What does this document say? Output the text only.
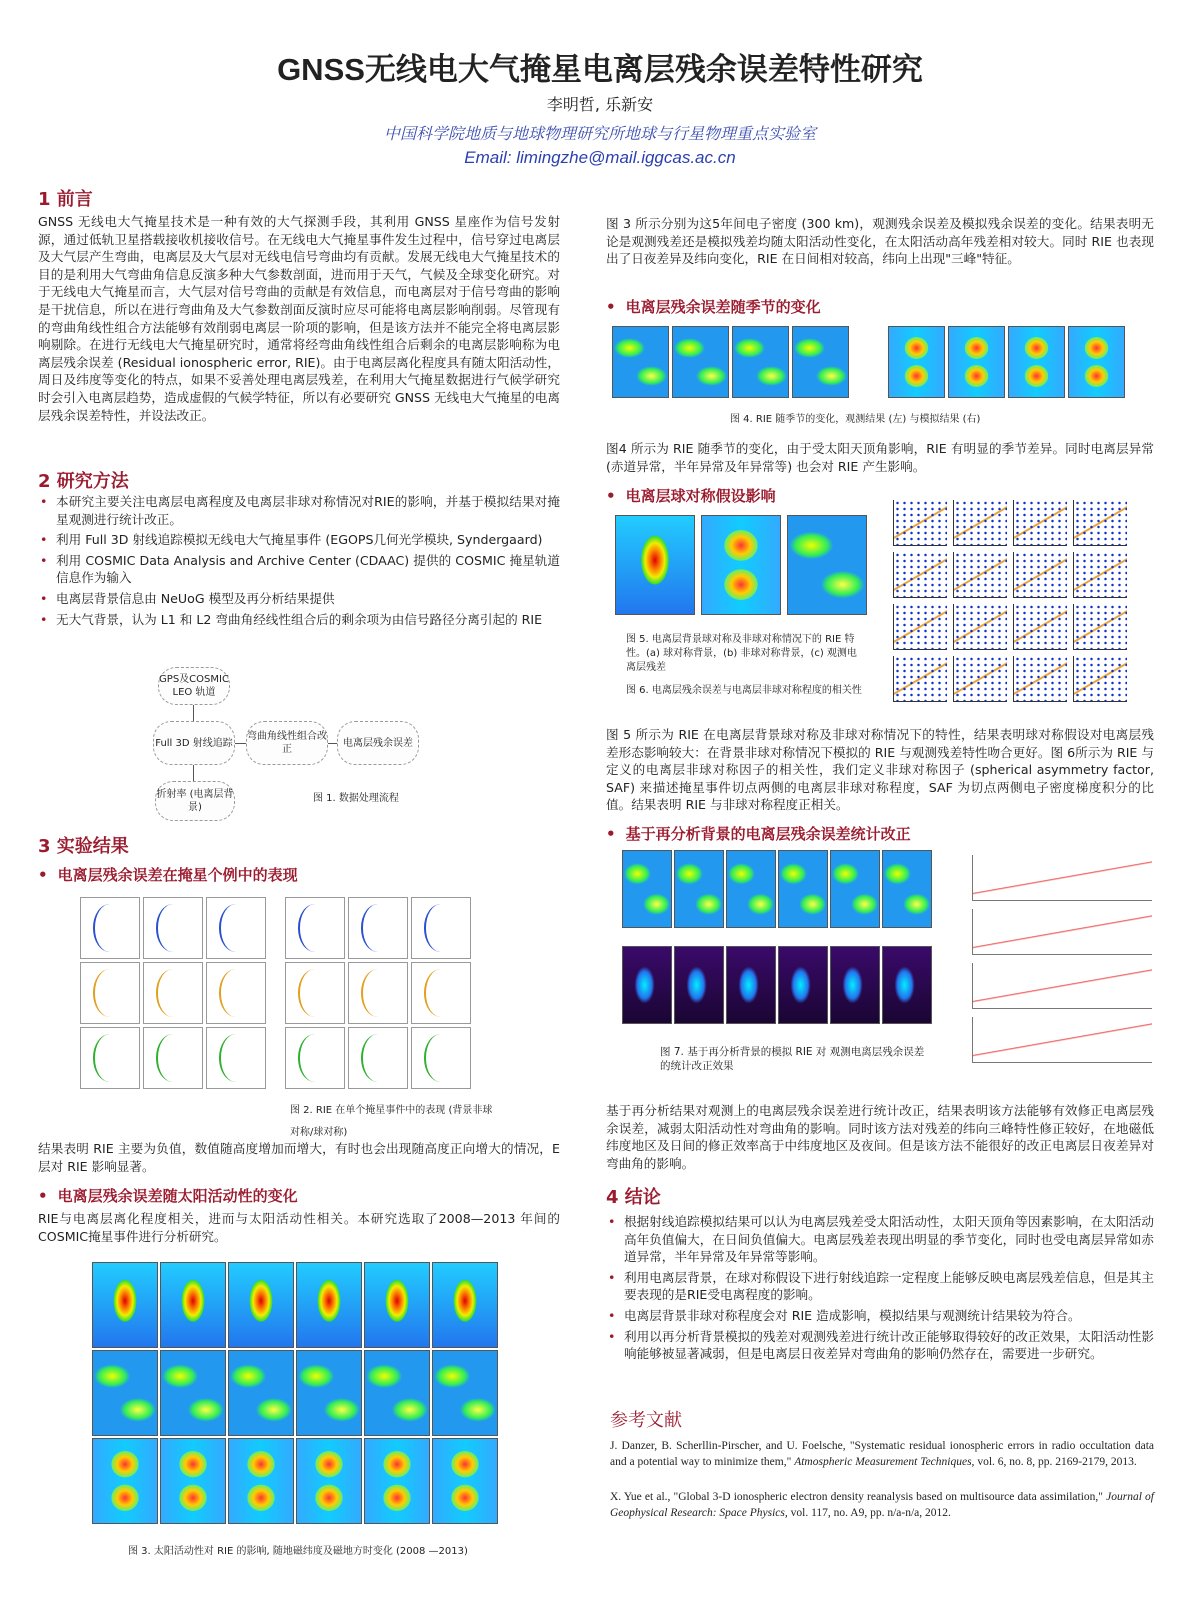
GNSS无线电大气掩星电离层残余误差特性研究
李明哲, 乐新安
中国科学院地质与地球物理研究所地球与行星物理重点实验室
Email: limingzhe@mail.iggcas.ac.cn
1 前言
GNSS 无线电大气掩星技术是一种有效的大气探测手段，其利用 GNSS 星座作为信号发射源，通过低轨卫星搭载接收机接收信号。在无线电大气掩星事件发生过程中，信号穿过电离层及大气层产生弯曲，电离层及大气层对无线电信号弯曲均有贡献。发展无线电大气掩星技术的目的是利用大气弯曲角信息反演多种大气参数剖面，进而用于天气，气候及全球变化研究。对于无线电大气掩星而言，大气层对信号弯曲的贡献是有效信息，而电离层对于信号弯曲的影响是干扰信息，所以在进行弯曲角及大气参数剖面反演时应尽可能将电离层影响削弱。尽管现有的弯曲角线性组合方法能够有效削弱电离层一阶项的影响，但是该方法并不能完全将电离层影响剔除。在进行无线电大气掩星研究时，通常将经弯曲角线性组合后剩余的电离层影响称为电离层残余误差 (Residual ionospheric error, RIE)。由于电离层离化程度具有随太阳活动性，周日及纬度等变化的特点，如果不妥善处理电离层残差，在利用大气掩星数据进行气候学研究时会引入电离层趋势，造成虚假的气候学特征，所以有必要研究 GNSS 无线电大气掩星的电离层残余误差特性，并设法改正。
2 研究方法
• 本研究主要关注电离层电离程度及电离层非球对称情况对RIE的影响，并基于模拟结果对掩星观测进行统计改正。
• 利用 Full 3D 射线追踪模拟无线电大气掩星事件 (EGOPS几何光学模块, Syndergaard)
• 利用 COSMIC Data Analysis and Archive Center (CDAAC) 提供的 COSMIC 掩星轨道信息作为输入
• 电离层背景信息由 NeUoG 模型及再分析结果提供
• 无大气背景，认为 L1 和 L2 弯曲角经线性组合后的剩余项为由信号路径分离引起的 RIE
GPS及COSMIC LEO 轨道
Full 3D 射线追踪
弯曲角线性组合改正
电离层残余误差
折射率 (电离层背景)
图 1. 数据处理流程
3 实验结果
• 电离层残余误差在掩星个例中的表现
图 2. RIE 在单个掩星事件中的表现 (背景非球对称/球对称)
结果表明 RIE 主要为负值，数值随高度增加而增大，有时也会出现随高度正向增大的情况，E 层对 RIE 影响显著。
• 电离层残余误差随太阳活动性的变化
RIE与电离层离化程度相关，进而与太阳活动性相关。本研究选取了2008—2013 年间的COSMIC掩星事件进行分析研究。
图 3. 太阳活动性对 RIE 的影响, 随地磁纬度及磁地方时变化 (2008 —2013)
图 3 所示分别为这5年间电子密度 (300 km)，观测残余误差及模拟残余误差的变化。结果表明无论是观测残差还是模拟残差均随太阳活动性变化，在太阳活动高年残差相对较大。同时 RIE 也表现出了日夜差异及纬向变化，RIE 在日间相对较高，纬向上出现"三峰"特征。
• 电离层残余误差随季节的变化
图 4. RIE 随季节的变化，观测结果 (左) 与模拟结果 (右)
图4 所示为 RIE 随季节的变化，由于受太阳天顶角影响，RIE 有明显的季节差异。同时电离层异常 (赤道异常，半年异常及年异常等) 也会对 RIE 产生影响。
• 电离层球对称假设影响
图 5. 电离层背景球对称及非球对称情况下的 RIE 特性。(a) 球对称背景，(b) 非球对称背景，(c) 观测电离层残差
图 6. 电离层残余误差与电离层非球对称程度的相关性
图 5 所示为 RIE 在电离层背景球对称及非球对称情况下的特性，结果表明球对称假设对电离层残差形态影响较大：在背景非球对称情况下模拟的 RIE 与观测残差特性吻合更好。图 6所示为 RIE 与定义的电离层非球对称因子的相关性，我们定义非球对称因子 (spherical asymmetry factor, SAF) 来描述掩星事件切点两侧的电离层非球对称程度，SAF 为切点两侧电子密度梯度积分的比值。结果表明 RIE 与非球对称程度正相关。
• 基于再分析背景的电离层残余误差统计改正
图 7. 基于再分析背景的模拟 RIE 对 观测电离层残余误差的统计改正效果
基于再分析结果对观测上的电离层残余误差进行统计改正，结果表明该方法能够有效修正电离层残余误差，减弱太阳活动性对弯曲角的影响。同时该方法对残差的纬向三峰特性修正较好，在地磁低纬度地区及日间的修正效率高于中纬度地区及夜间。但是该方法不能很好的改正电离层日夜差异对弯曲角的影响。
4 结论
• 根据射线追踪模拟结果可以认为电离层残差受太阳活动性，太阳天顶角等因素影响，在太阳活动高年负值偏大，在日间负值偏大。电离层残差表现出明显的季节变化，同时也受电离层异常如赤道异常，半年异常及年异常等影响。
• 利用电离层背景，在球对称假设下进行射线追踪一定程度上能够反映电离层残差信息，但是其主要表现的是RIE受电离程度的影响。
• 电离层背景非球对称程度会对 RIE 造成影响，模拟结果与观测统计结果较为符合。
• 利用以再分析背景模拟的残差对观测残差进行统计改正能够取得较好的改正效果，太阳活动性影响能够被显著减弱，但是电离层日夜差异对弯曲角的影响仍然存在，需要进一步研究。
参考文献
J. Danzer, B. Scherllin-Pirscher, and U. Foelsche, "Systematic residual ionospheric errors in radio occultation data and a potential way to minimize them," Atmospheric Measurement Techniques, vol. 6, no. 8, pp. 2169-2179, 2013.
X. Yue et al., "Global 3-D ionospheric electron density reanalysis based on multisource data assimilation," Journal of Geophysical Research: Space Physics, vol. 117, no. A9, pp. n/a-n/a, 2012.
